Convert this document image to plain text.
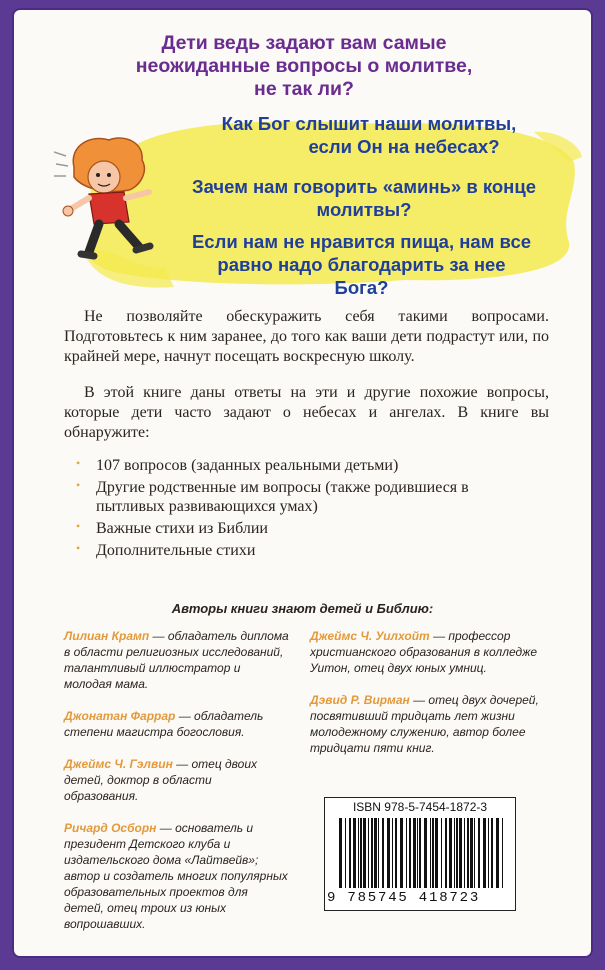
Дети ведь задают вам самые
неожиданные вопросы о молитве,
не так ли?
Как Бог слышит наши молитвы,
если Он на небесах?
Зачем нам говорить «аминь» в конце
молитвы?
Если нам не нравится пища, нам все
равно надо благодарить за нее
Бога?
Не позволяйте обескуражить себя такими вопросами. Подготовьтесь к ним заранее, до того как ваши дети подрастут или, по крайней мере, начнут посещать воскресную школу.
В этой книге даны ответы на эти и другие похожие вопросы, которые дети часто задают о небесах и ангелах. В книге вы обнаружите:
• 107 вопросов (заданных реальными детьми)
• Другие родственные им вопросы (также родившиеся в пытливых развивающихся умах)
• Важные стихи из Библии
• Дополнительные стихи
Авторы книги знают детей и Библию:
Лилиан Крамп — обладатель диплома в области религиозных исследований, талантливый иллюстратор и молодая мама.
Джонатан Фаррар — обладатель степени магистра богословия.
Джеймс Ч. Гэлвин — отец двоих детей, доктор в области образования.
Ричард Осборн — основатель и президент Детского клуба и издательского дома «Лайтвейв»; автор и создатель многих популярных образовательных проектов для детей, отец троих из юных вопрошавших.
Джеймс Ч. Уилхойт — профессор христианского образования в колледже Уитон, отец двух юных умниц.
Дэвид Р. Вирман — отец двух дочерей, посвятивший тридцать лет жизни молодежному служению, автор более тридцати пяти книг.
ISBN 978-5-7454-1872-3
9 785745 418723
